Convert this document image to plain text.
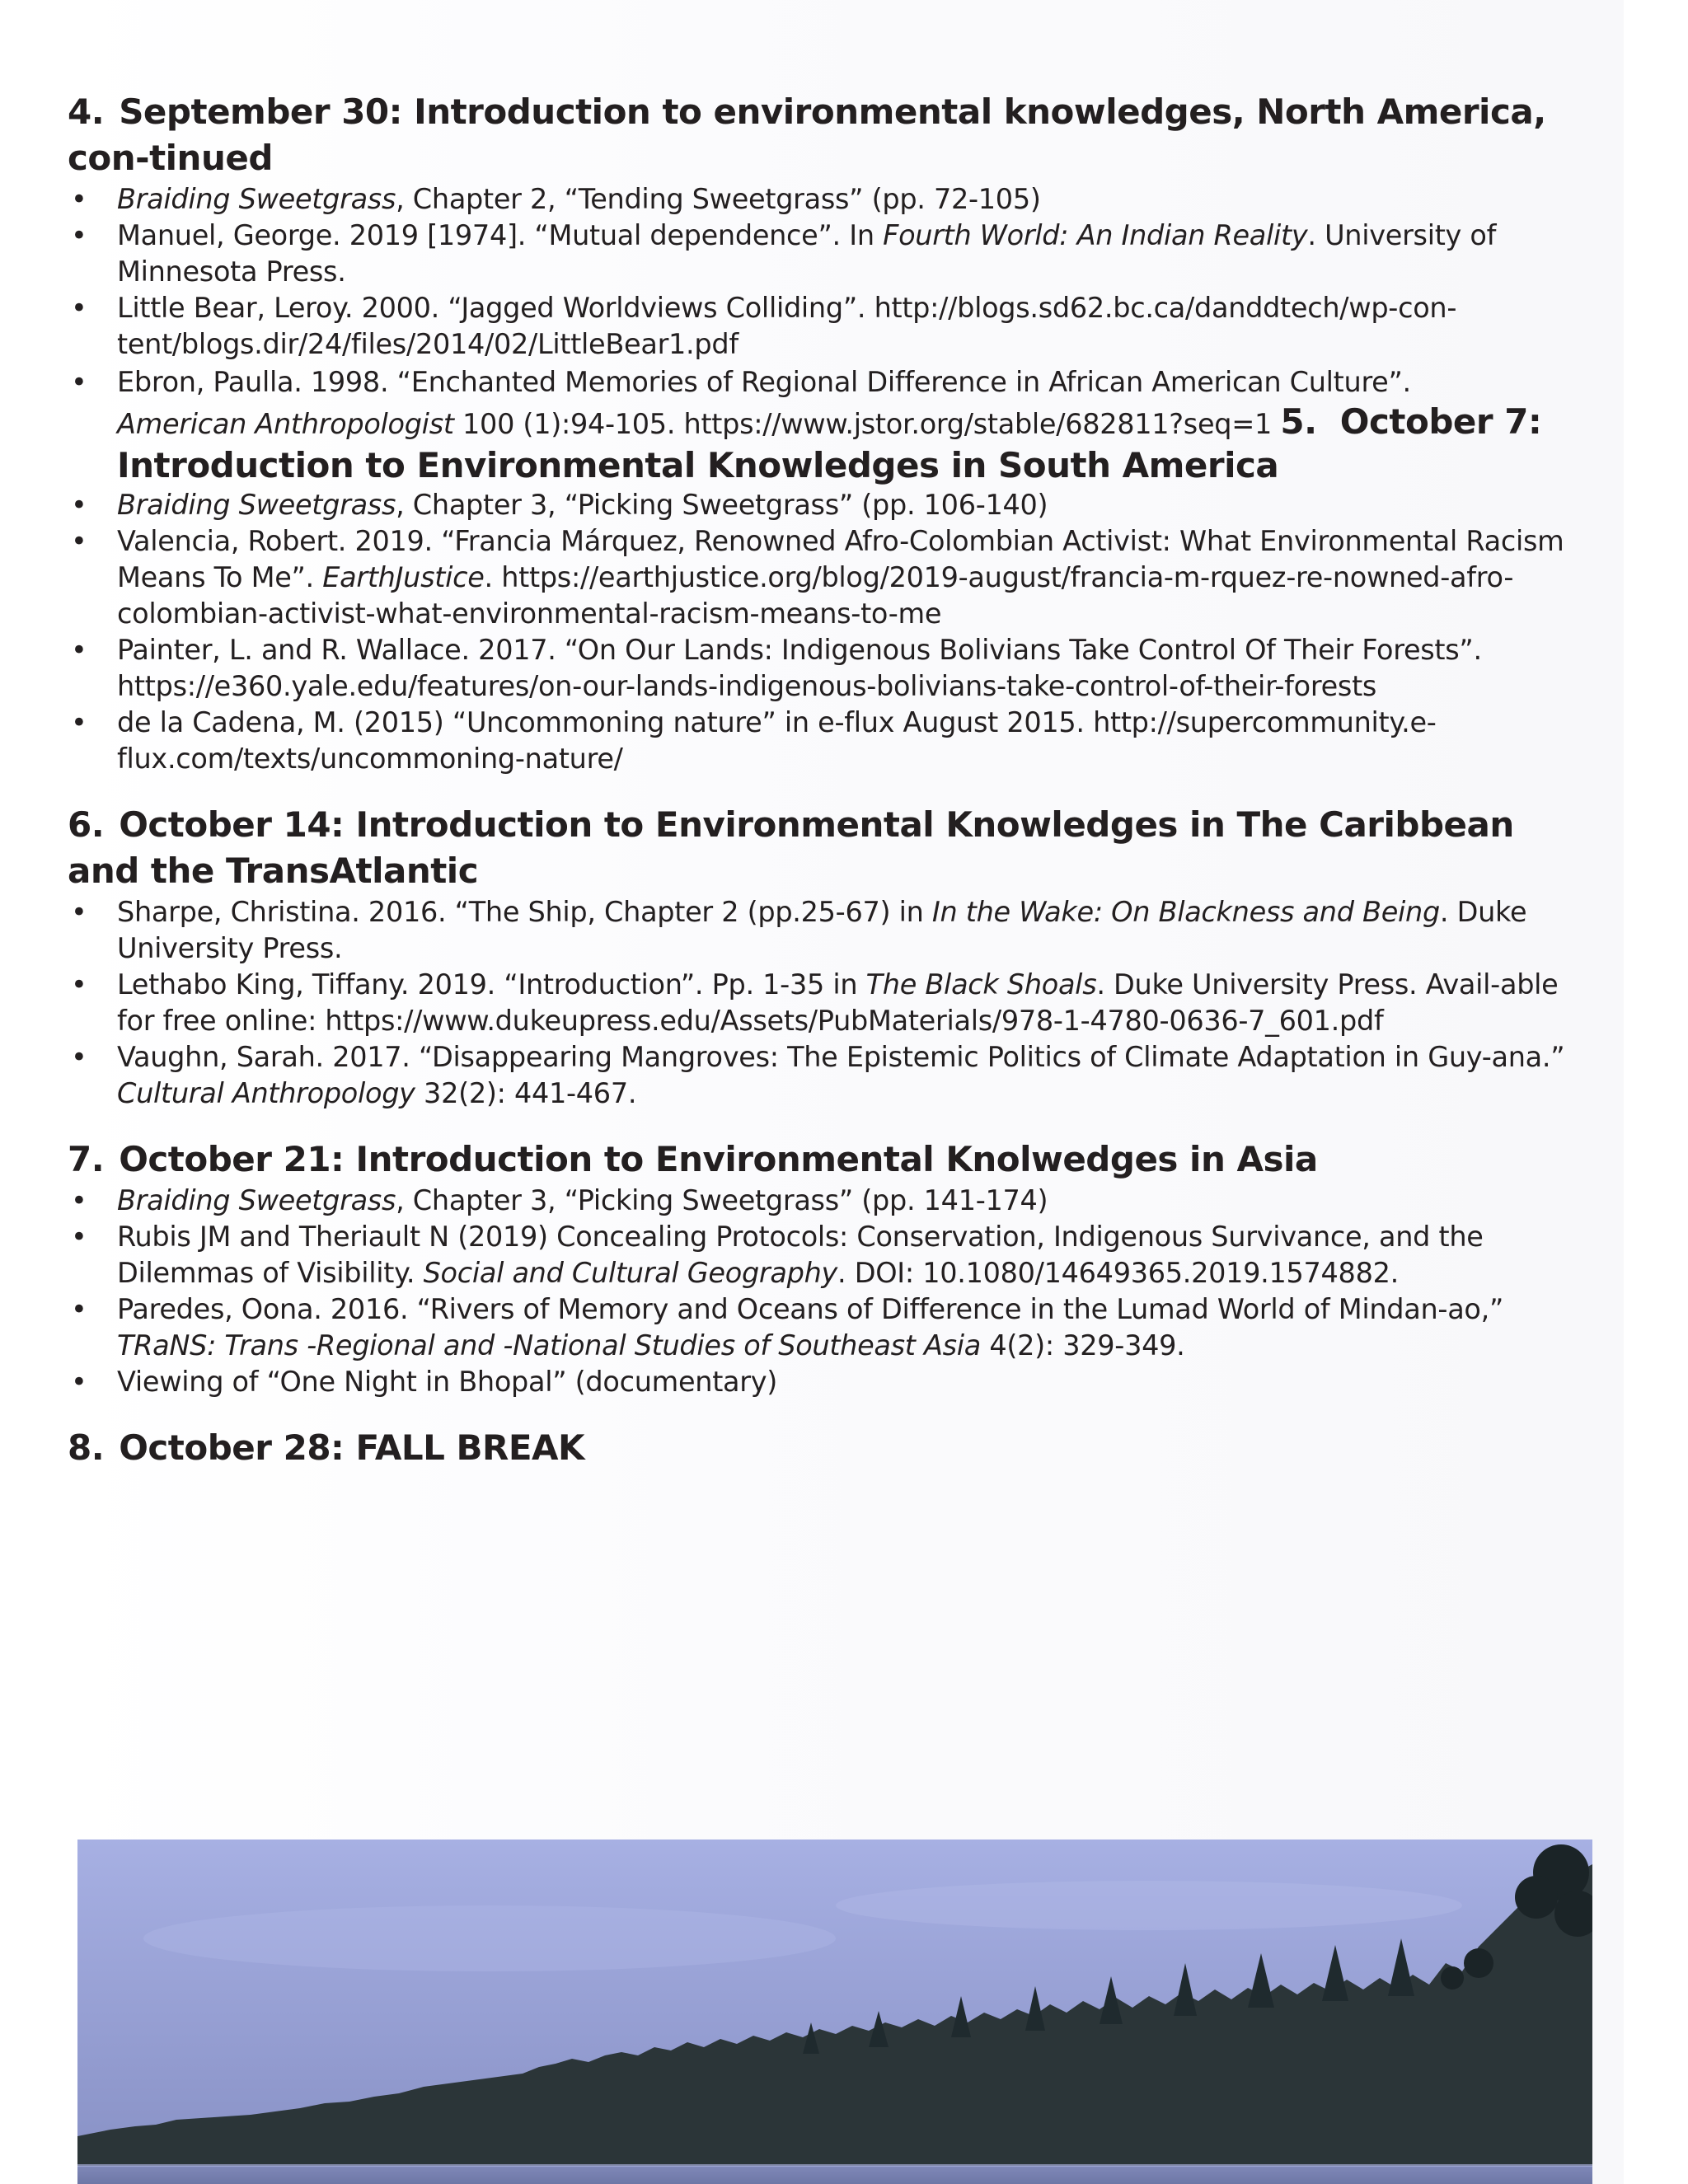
4. September 30: Introduction to environmental knowledges, North America, con-tinued
• Braiding Sweetgrass, Chapter 2, “Tending Sweetgrass” (pp. 72-105)
• Manuel, George. 2019 [1974]. “Mutual dependence”. In Fourth World: An Indian Reality. University of Minnesota Press.
• Little Bear, Leroy. 2000. “Jagged Worldviews Colliding”. http://blogs.sd62.bc.ca/danddtech/wp-con-tent/blogs.dir/24/files/2014/02/LittleBear1.pdf
• Ebron, Paulla. 1998. “Enchanted Memories of Regional Difference in African American Culture”.
American Anthropologist 100 (1):94-105. https://www.jstor.org/stable/682811?seq=1 5. October 7:
Introduction to Environmental Knowledges in South America
• Braiding Sweetgrass, Chapter 3, “Picking Sweetgrass” (pp. 106-140)
• Valencia, Robert. 2019. “Francia Márquez, Renowned Afro-Colombian Activist: What Environmental Racism Means To Me”. EarthJustice. https://earthjustice.org/blog/2019-august/francia-m-rquez-re-nowned-afro-colombian-activist-what-environmental-racism-means-to-me
• Painter, L. and R. Wallace. 2017. “On Our Lands: Indigenous Bolivians Take Control Of Their Forests”. https://e360.yale.edu/features/on-our-lands-indigenous-bolivians-take-control-of-their-forests
• de la Cadena, M. (2015) “Uncommoning nature” in e-flux August 2015. http://supercommunity.e-flux.com/texts/uncommoning-nature/
6. October 14: Introduction to Environmental Knowledges in The Caribbean and the TransAtlantic
• Sharpe, Christina. 2016. “The Ship, Chapter 2 (pp.25-67) in In the Wake: On Blackness and Being. Duke University Press.
• Lethabo King, Tiffany. 2019. “Introduction”. Pp. 1-35 in The Black Shoals. Duke University Press. Avail-able for free online: https://www.dukeupress.edu/Assets/PubMaterials/978-1-4780-0636-7_601.pdf
• Vaughn, Sarah. 2017. “Disappearing Mangroves: The Epistemic Politics of Climate Adaptation in Guy-ana.” Cultural Anthropology 32(2): 441-467.
7. October 21: Introduction to Environmental Knolwedges in Asia
• Braiding Sweetgrass, Chapter 3, “Picking Sweetgrass” (pp. 141-174)
• Rubis JM and Theriault N (2019) Concealing Protocols: Conservation, Indigenous Survivance, and the Dilemmas of Visibility. Social and Cultural Geography. DOI: 10.1080/14649365.2019.1574882.
• Paredes, Oona. 2016. “Rivers of Memory and Oceans of Difference in the Lumad World of Mindan-ao,” TRaNS: Trans -Regional and -National Studies of Southeast Asia 4(2): 329-349.
• Viewing of “One Night in Bhopal” (documentary)
8. October 28: FALL BREAK
